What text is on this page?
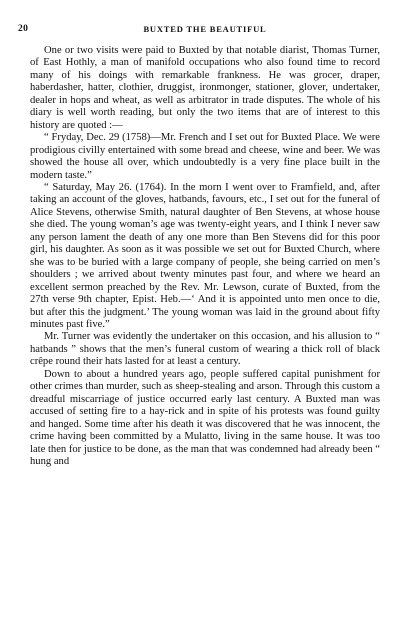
20	BUXTED THE BEAUTIFUL

One or two visits were paid to Buxted by that notable diarist, Thomas Turner, of East Hothly, a man of manifold occupations who also found time to record many of his doings with remarkable frankness. He was grocer, draper, haberdasher, hatter, clothier, druggist, ironmonger, stationer, glover, undertaker, dealer in hops and wheat, as well as arbitrator in trade disputes. The whole of his diary is well worth reading, but only the two items that are of interest to this history are quoted :—

“ Fryday, Dec. 29 (1758)—Mr. French and I set out for Buxted Place. We were prodigious civilly entertained with some bread and cheese, wine and beer. We was showed the house all over, which undoubtedly is a very fine place built in the modern taste.”

“ Saturday, May 26. (1764). In the morn I went over to Framfield, and, after taking an account of the gloves, hatbands, favours, etc., I set out for the funeral of Alice Stevens, otherwise Smith, natural daughter of Ben Stevens, at whose house she died. The young woman’s age was twenty-eight years, and I think I never saw any person lament the death of any one more than Ben Stevens did for this poor girl, his daughter. As soon as it was possible we set out for Buxted Church, where she was to be buried with a large company of people, she being carried on men’s shoulders ; we arrived about twenty minutes past four, and where we heard an excellent sermon preached by the Rev. Mr. Lewson, curate of Buxted, from the 27th verse 9th chapter, Epist. Heb.—‘ And it is appointed unto men once to die, but after this the judgment.’ The young woman was laid in the ground about fifty minutes past five.”

Mr. Turner was evidently the undertaker on this occasion, and his allusion to “ hatbands ” shows that the men’s funeral custom of wearing a thick roll of black crêpe round their hats lasted for at least a century.

Down to about a hundred years ago, people suffered capital punishment for other crimes than murder, such as sheep-stealing and arson. Through this custom a dreadful miscarriage of justice occurred early last century. A Buxted man was accused of setting fire to a hay-rick and in spite of his protests was found guilty and hanged. Some time after his death it was discovered that he was innocent, the crime having been committed by a Mulatto, living in the same house. It was too late then for justice to be done, as the man that was condemned had already been “ hung and
